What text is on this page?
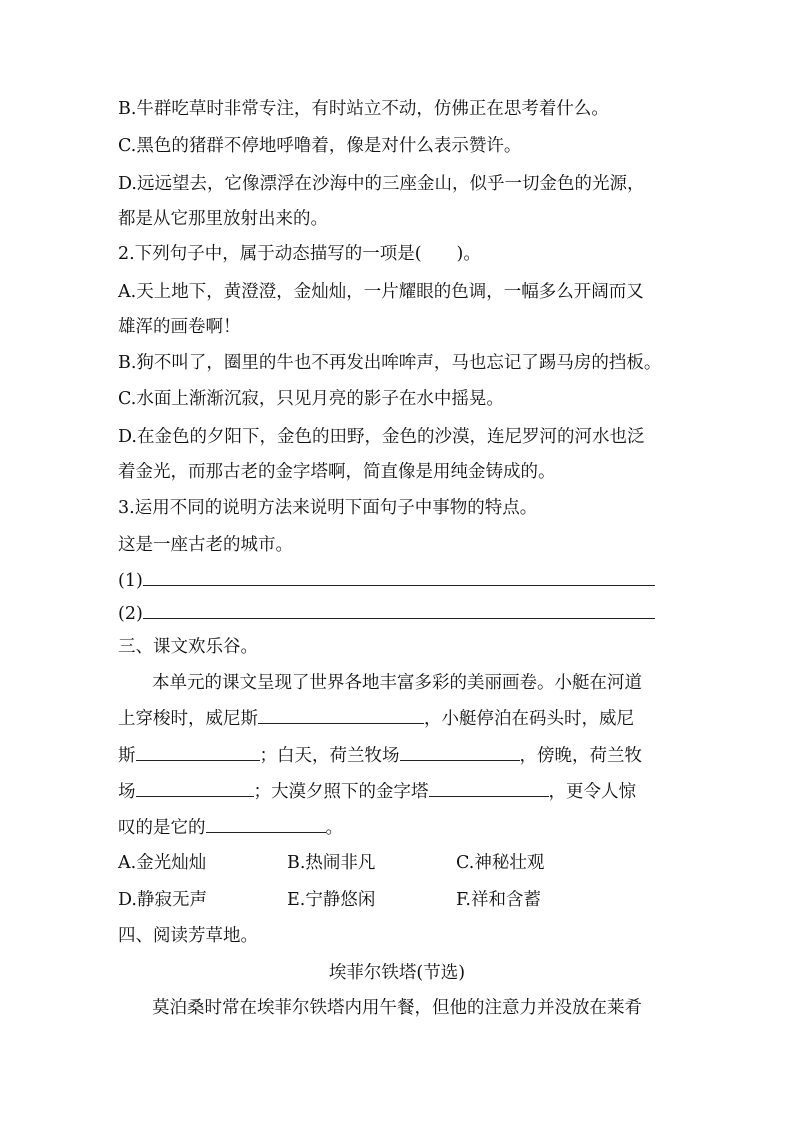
B.牛群吃草时非常专注，有时站立不动，仿佛正在思考着什么。
C.黑色的猪群不停地呼噜着，像是对什么表示赞许。
D.远远望去，它像漂浮在沙海中的三座金山，似乎一切金色的光源，
都是从它那里放射出来的。
2.下列句子中，属于动态描写的一项是(　　)。
A.天上地下，黄澄澄，金灿灿，一片耀眼的色调，一幅多么开阔而又
雄浑的画卷啊！
B.狗不叫了，圈里的牛也不再发出哞哞声，马也忘记了踢马房的挡板。
C.水面上渐渐沉寂，只见月亮的影子在水中摇晃。
D.在金色的夕阳下，金色的田野，金色的沙漠，连尼罗河的河水也泛
着金光，而那古老的金字塔啊，简直像是用纯金铸成的。
3.运用不同的说明方法来说明下面句子中事物的特点。
这是一座古老的城市。
(1)
(2)
三、课文欢乐谷。
本单元的课文呈现了世界各地丰富多彩的美丽画卷。小艇在河道
上穿梭时，威尼斯	，小艇停泊在码头时，威尼
斯	；白天，荷兰牧场	，傍晚，荷兰牧
场	；大漠夕照下的金字塔	，更令人惊
叹的是它的	。
A.金光灿灿	B.热闹非凡	C.神秘壮观
D.静寂无声	E.宁静悠闲	F.祥和含蓄
四、阅读芳草地。
埃菲尔铁塔(节选)
莫泊桑时常在埃菲尔铁塔内用午餐，但他的注意力并没放在莱肴
